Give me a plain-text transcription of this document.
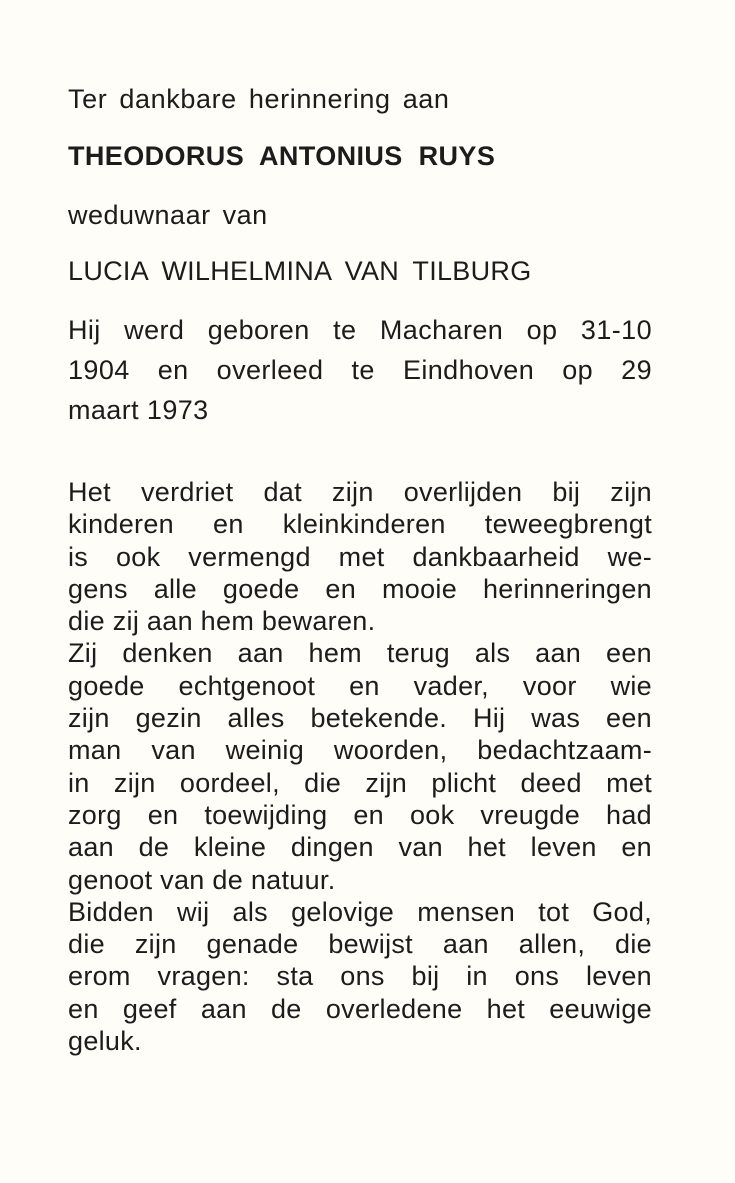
Ter dankbare herinnering aan

THEODORUS ANTONIUS RUYS

weduwnaar van

LUCIA WILHELMINA VAN TILBURG

Hij werd geboren te Macharen op 31-10
1904 en overleed te Eindhoven op 29
maart 1973

Het verdriet dat zijn overlijden bij zijn
kinderen en kleinkinderen teweegbrengt
is ook vermengd met dankbaarheid we-
gens alle goede en mooie herinneringen
die zij aan hem bewaren.

Zij denken aan hem terug als aan een
goede echtgenoot en vader, voor wie
zijn gezin alles betekende. Hij was een
man van weinig woorden, bedachtzaam-
in zijn oordeel, die zijn plicht deed met
zorg en toewijding en ook vreugde had
aan de kleine dingen van het leven en
genoot van de natuur.

Bidden wij als gelovige mensen tot God,
die zijn genade bewijst aan allen, die
erom vragen: sta ons bij in ons leven
en geef aan de overledene het eeuwige
geluk.
